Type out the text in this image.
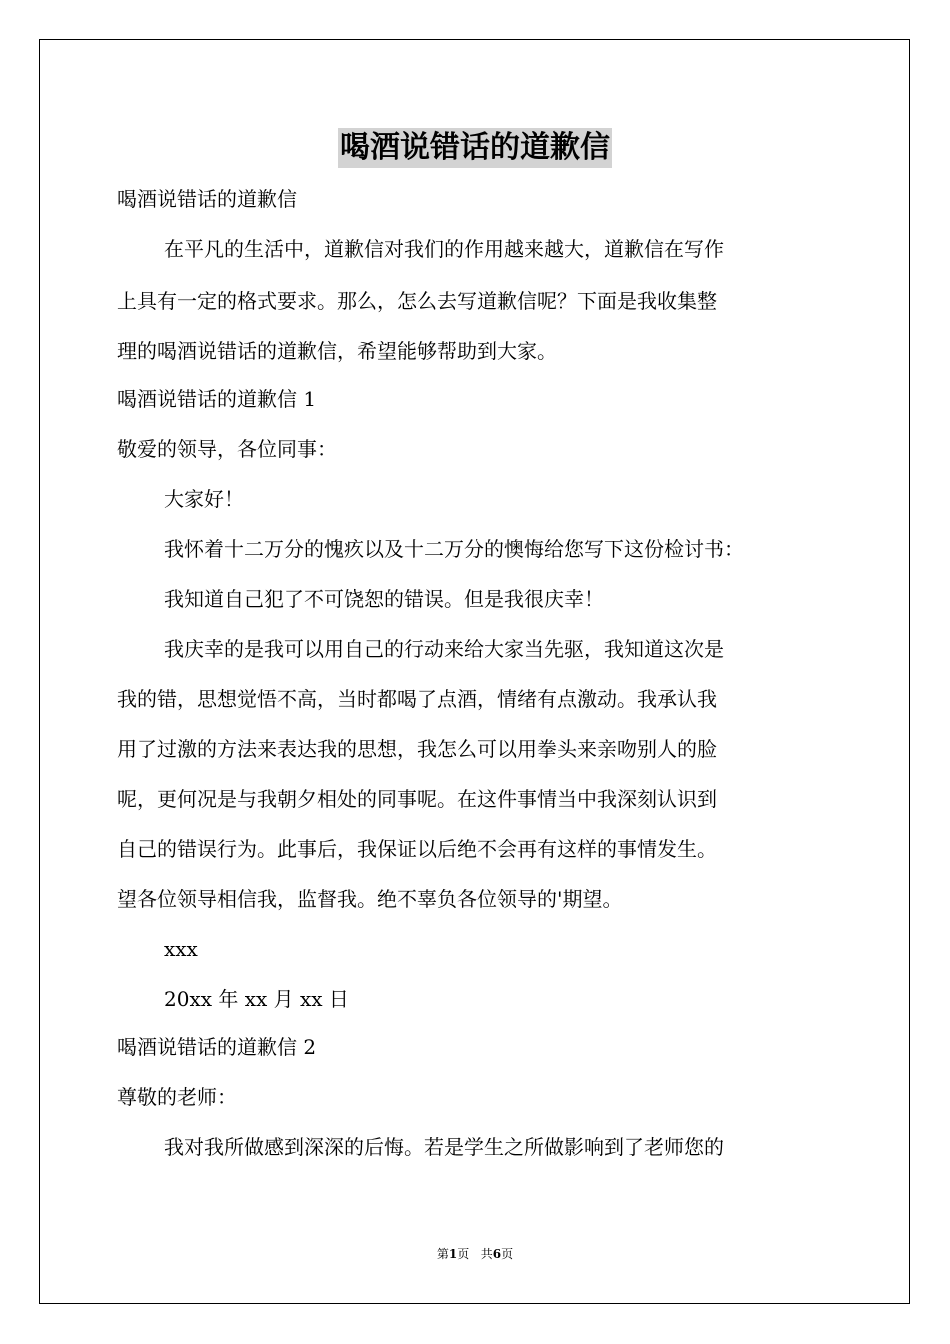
喝酒说错话的道歉信
喝酒说错话的道歉信
在平凡的生活中，道歉信对我们的作用越来越大，道歉信在写作
上具有一定的格式要求。那么，怎么去写道歉信呢？下面是我收集整
理的喝酒说错话的道歉信，希望能够帮助到大家。
喝酒说错话的道歉信 1
敬爱的领导，各位同事：
大家好！
我怀着十二万分的愧疚以及十二万分的懊悔给您写下这份检讨书：
我知道自己犯了不可饶恕的错误。但是我很庆幸！
我庆幸的是我可以用自己的行动来给大家当先驱，我知道这次是
我的错，思想觉悟不高，当时都喝了点酒，情绪有点激动。我承认我
用了过激的方法来表达我的思想，我怎么可以用拳头来亲吻别人的脸
呢，更何况是与我朝夕相处的同事呢。在这件事情当中我深刻认识到
自己的错误行为。此事后，我保证以后绝不会再有这样的事情发生。
望各位领导相信我，监督我。绝不辜负各位领导的'期望。
xxx
20xx 年 xx 月 xx 日
喝酒说错话的道歉信 2
尊敬的老师：
我对我所做感到深深的后悔。若是学生之所做影响到了老师您的
第1页 共6页
